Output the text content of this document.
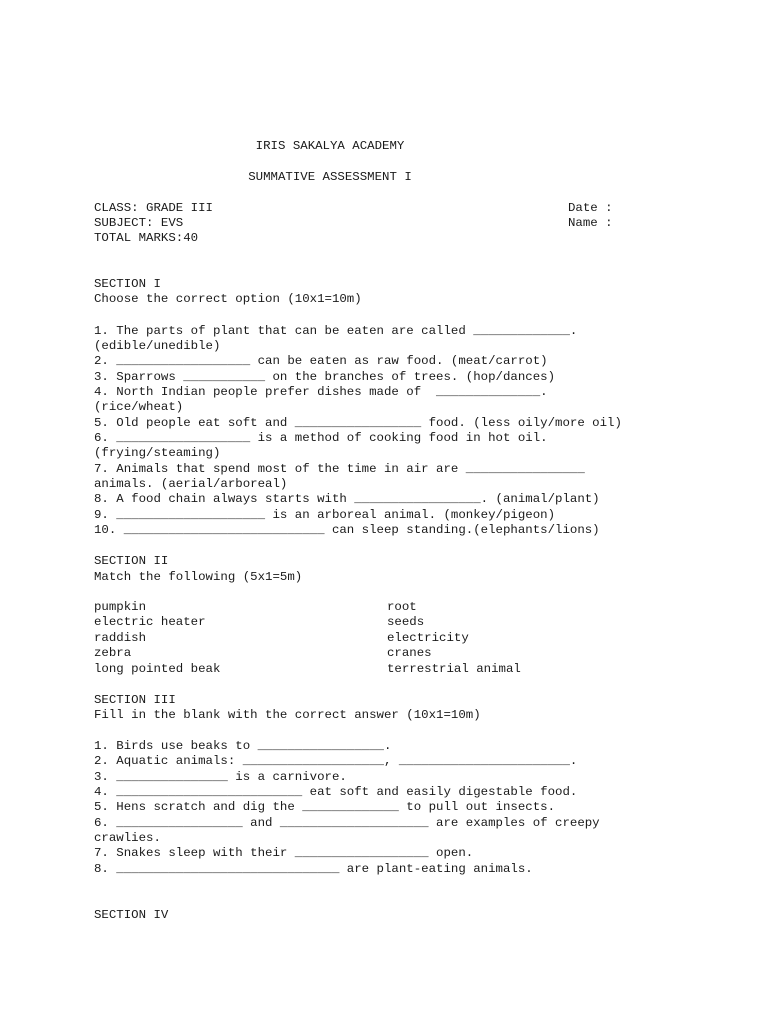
IRIS SAKALYA ACADEMY
SUMMATIVE ASSESSMENT I
CLASS: GRADE III
SUBJECT: EVS
TOTAL MARKS:40
Date :
Name :
SECTION I
Choose the correct option (10x1=10m)
1. The parts of plant that can be eaten are called _____________.
(edible/unedible)
2. __________________ can be eaten as raw food. (meat/carrot)
3. Sparrows ___________ on the branches of trees. (hop/dances)
4. North Indian people prefer dishes made of  ______________.
(rice/wheat)
5. Old people eat soft and _________________ food. (less oily/more oil)
6. __________________ is a method of cooking food in hot oil.
(frying/steaming)
7. Animals that spend most of the time in air are ________________
animals. (aerial/arboreal)
8. A food chain always starts with _________________. (animal/plant)
9. ____________________ is an arboreal animal. (monkey/pigeon)
10. ___________________________ can sleep standing.(elephants/lions)
SECTION II
Match the following (5x1=5m)
pumpkin
electric heater
raddish
zebra
long pointed beak
root
seeds
electricity
cranes
terrestrial animal
SECTION III
Fill in the blank with the correct answer (10x1=10m)
1. Birds use beaks to _________________.
2. Aquatic animals: ___________________, _______________________.
3. _______________ is a carnivore.
4. _________________________ eat soft and easily digestable food.
5. Hens scratch and dig the _____________ to pull out insects.
6. _________________ and ____________________ are examples of creepy
crawlies.
7. Snakes sleep with their __________________ open.
8. ______________________________ are plant-eating animals.
SECTION IV
